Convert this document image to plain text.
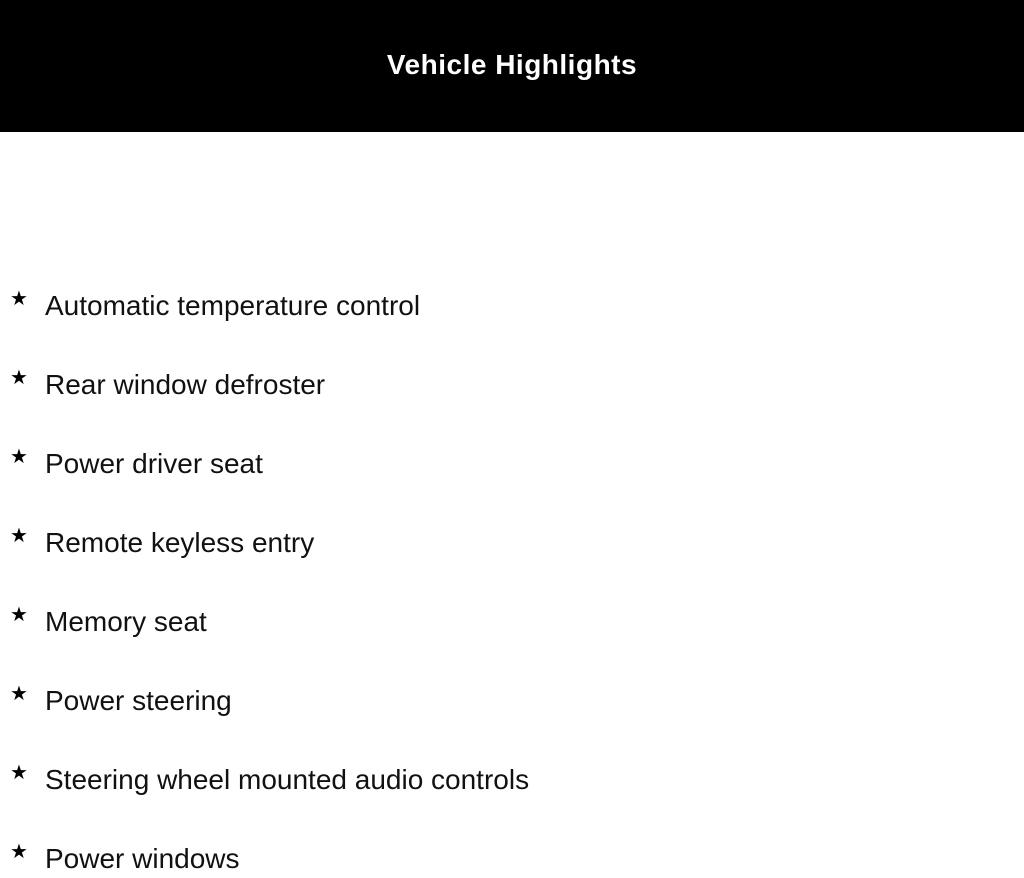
Vehicle Highlights
★ Automatic temperature control
★ Rear window defroster
★ Power driver seat
★ Remote keyless entry
★ Memory seat
★ Power steering
★ Steering wheel mounted audio controls
★ Power windows
